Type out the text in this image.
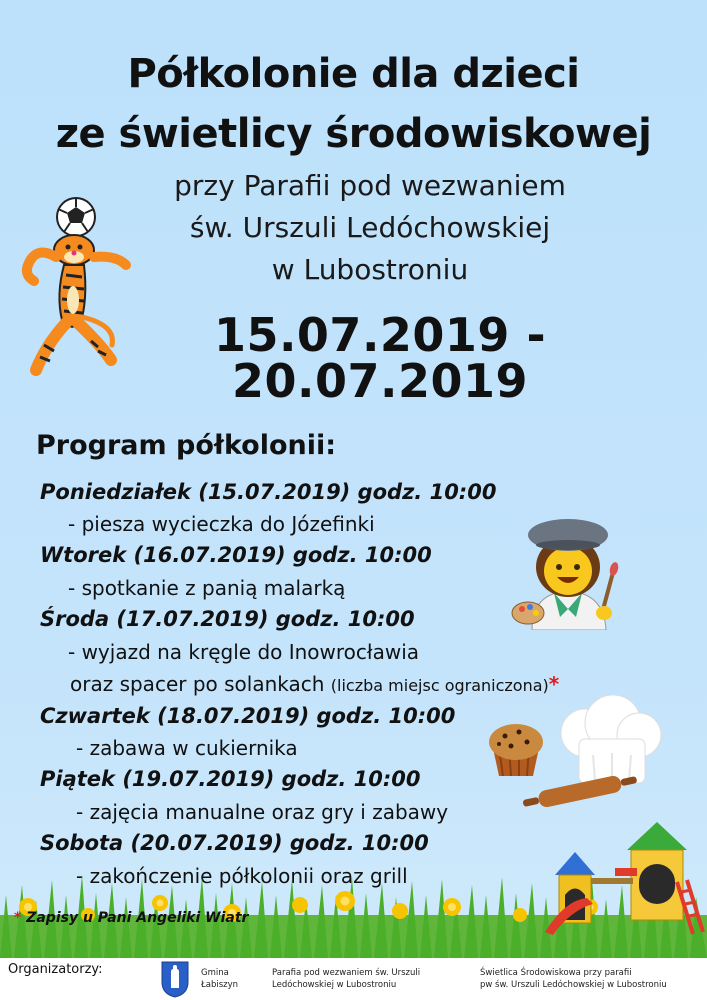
Półkolonie dla dzieci
ze świetlicy środowiskowej
przy Parafii pod wezwaniem
św. Urszuli Ledóchowskiej
w Lubostroniu
15.07.2019 - 20.07.2019
Program półkolonii:
Poniedziałek (15.07.2019) godz. 10:00
- piesza wycieczka do Józefinki
Wtorek (16.07.2019) godz. 10:00
- spotkanie z panią malarką
Środa (17.07.2019) godz. 10:00
- wyjazd na kręgle do Inowrocławia
oraz spacer po solankach (liczba miejsc ograniczona)*
Czwartek (18.07.2019) godz. 10:00
- zabawa w cukiernika
Piątek (19.07.2019) godz. 10:00
- zajęcia manualne oraz gry i zabawy
Sobota (20.07.2019) godz. 10:00
- zakończenie półkolonii oraz grill
* Zapisy u Pani Angeliki Wiatr
Organizatorzy:	Gmina
Łabiszyn
Parafia pod wezwaniem św. Urszuli
Ledóchowskiej w Lubostroniu
Świetlica Środowiskowa przy parafii
pw św. Urszuli Ledóchowskiej w Lubostroniu
